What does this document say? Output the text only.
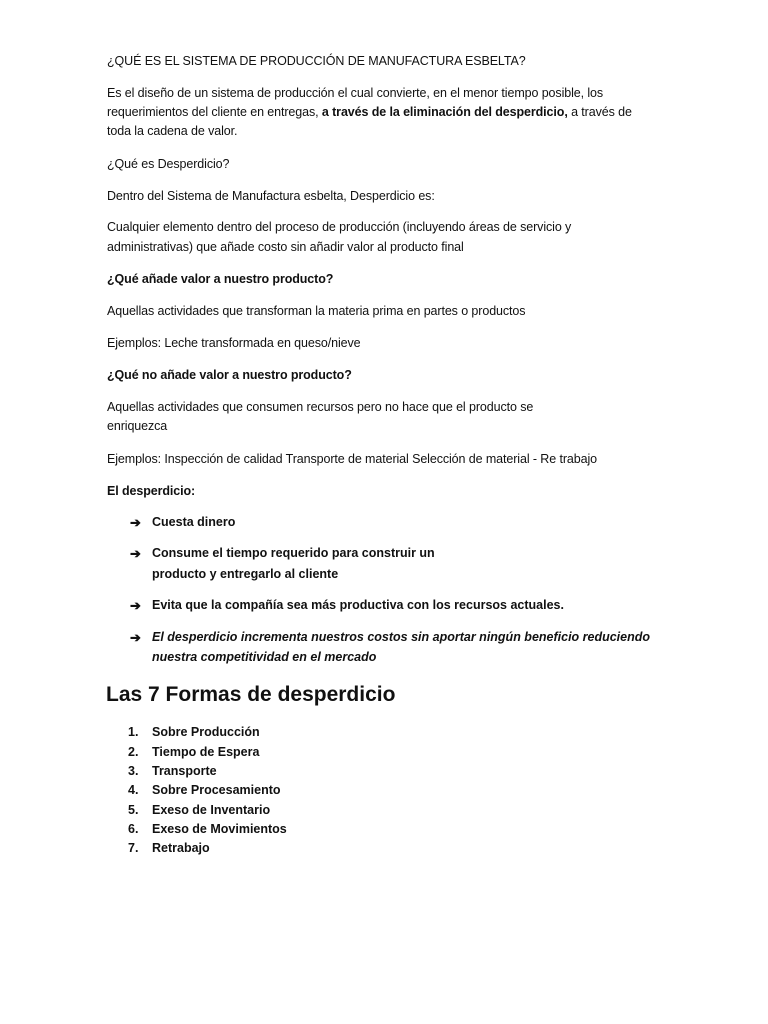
¿QUÉ ES EL SISTEMA DE PRODUCCIÓN DE MANUFACTURA ESBELTA?
Es el diseño de un sistema de producción el cual convierte, en el menor tiempo posible, los
requerimientos del cliente en entregas, a través de la eliminación del desperdicio, a través de
toda la cadena de valor.
¿Qué es Desperdicio?
Dentro del Sistema de Manufactura esbelta, Desperdicio es:
Cualquier elemento dentro del proceso de producción (incluyendo áreas de servicio y
administrativas) que añade costo sin añadir valor al producto final
¿Qué añade valor a nuestro producto?
Aquellas actividades que transforman la materia prima en partes o productos
Ejemplos: Leche transformada en queso/nieve
¿Qué no añade valor a nuestro producto?
Aquellas actividades que consumen recursos pero no hace que el producto se
enriquezca
Ejemplos: Inspección de calidad Transporte de material Selección de material - Re trabajo
El desperdicio:
➔ Cuesta dinero
➔ Consume el tiempo requerido para construir un
producto y entregarlo al cliente
➔ Evita que la compañía sea más productiva con los recursos actuales.
➔ El desperdicio incrementa nuestros costos sin aportar ningún beneficio reduciendo
nuestra competitividad en el mercado
Las 7 Formas de desperdicio
1. Sobre Producción
2. Tiempo de Espera
3. Transporte
4. Sobre Procesamiento
5. Exeso de Inventario
6. Exeso de Movimientos
7. Retrabajo
